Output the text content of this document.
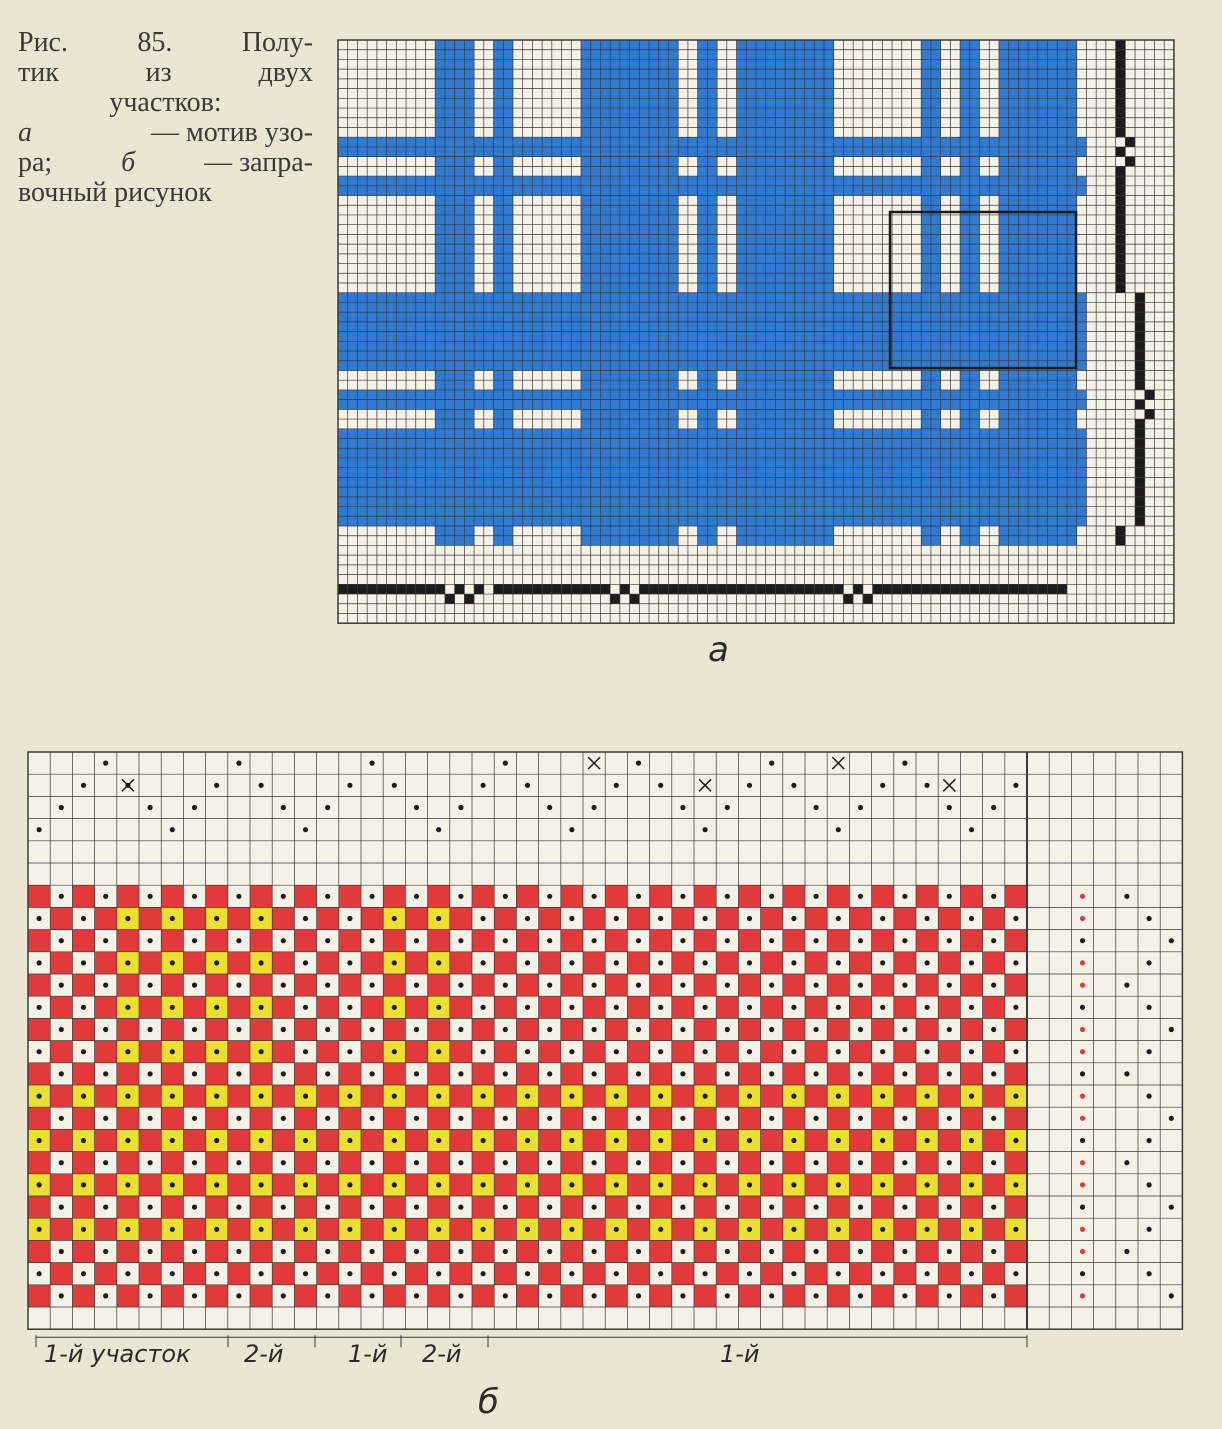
Рис. 85. Полу-
тик	из	двух
участков:
а	— мотив узо-
ра; б — запра-
вочный рисунок
а
1-й участок 2-й	1-й 2-й	1-й
б
